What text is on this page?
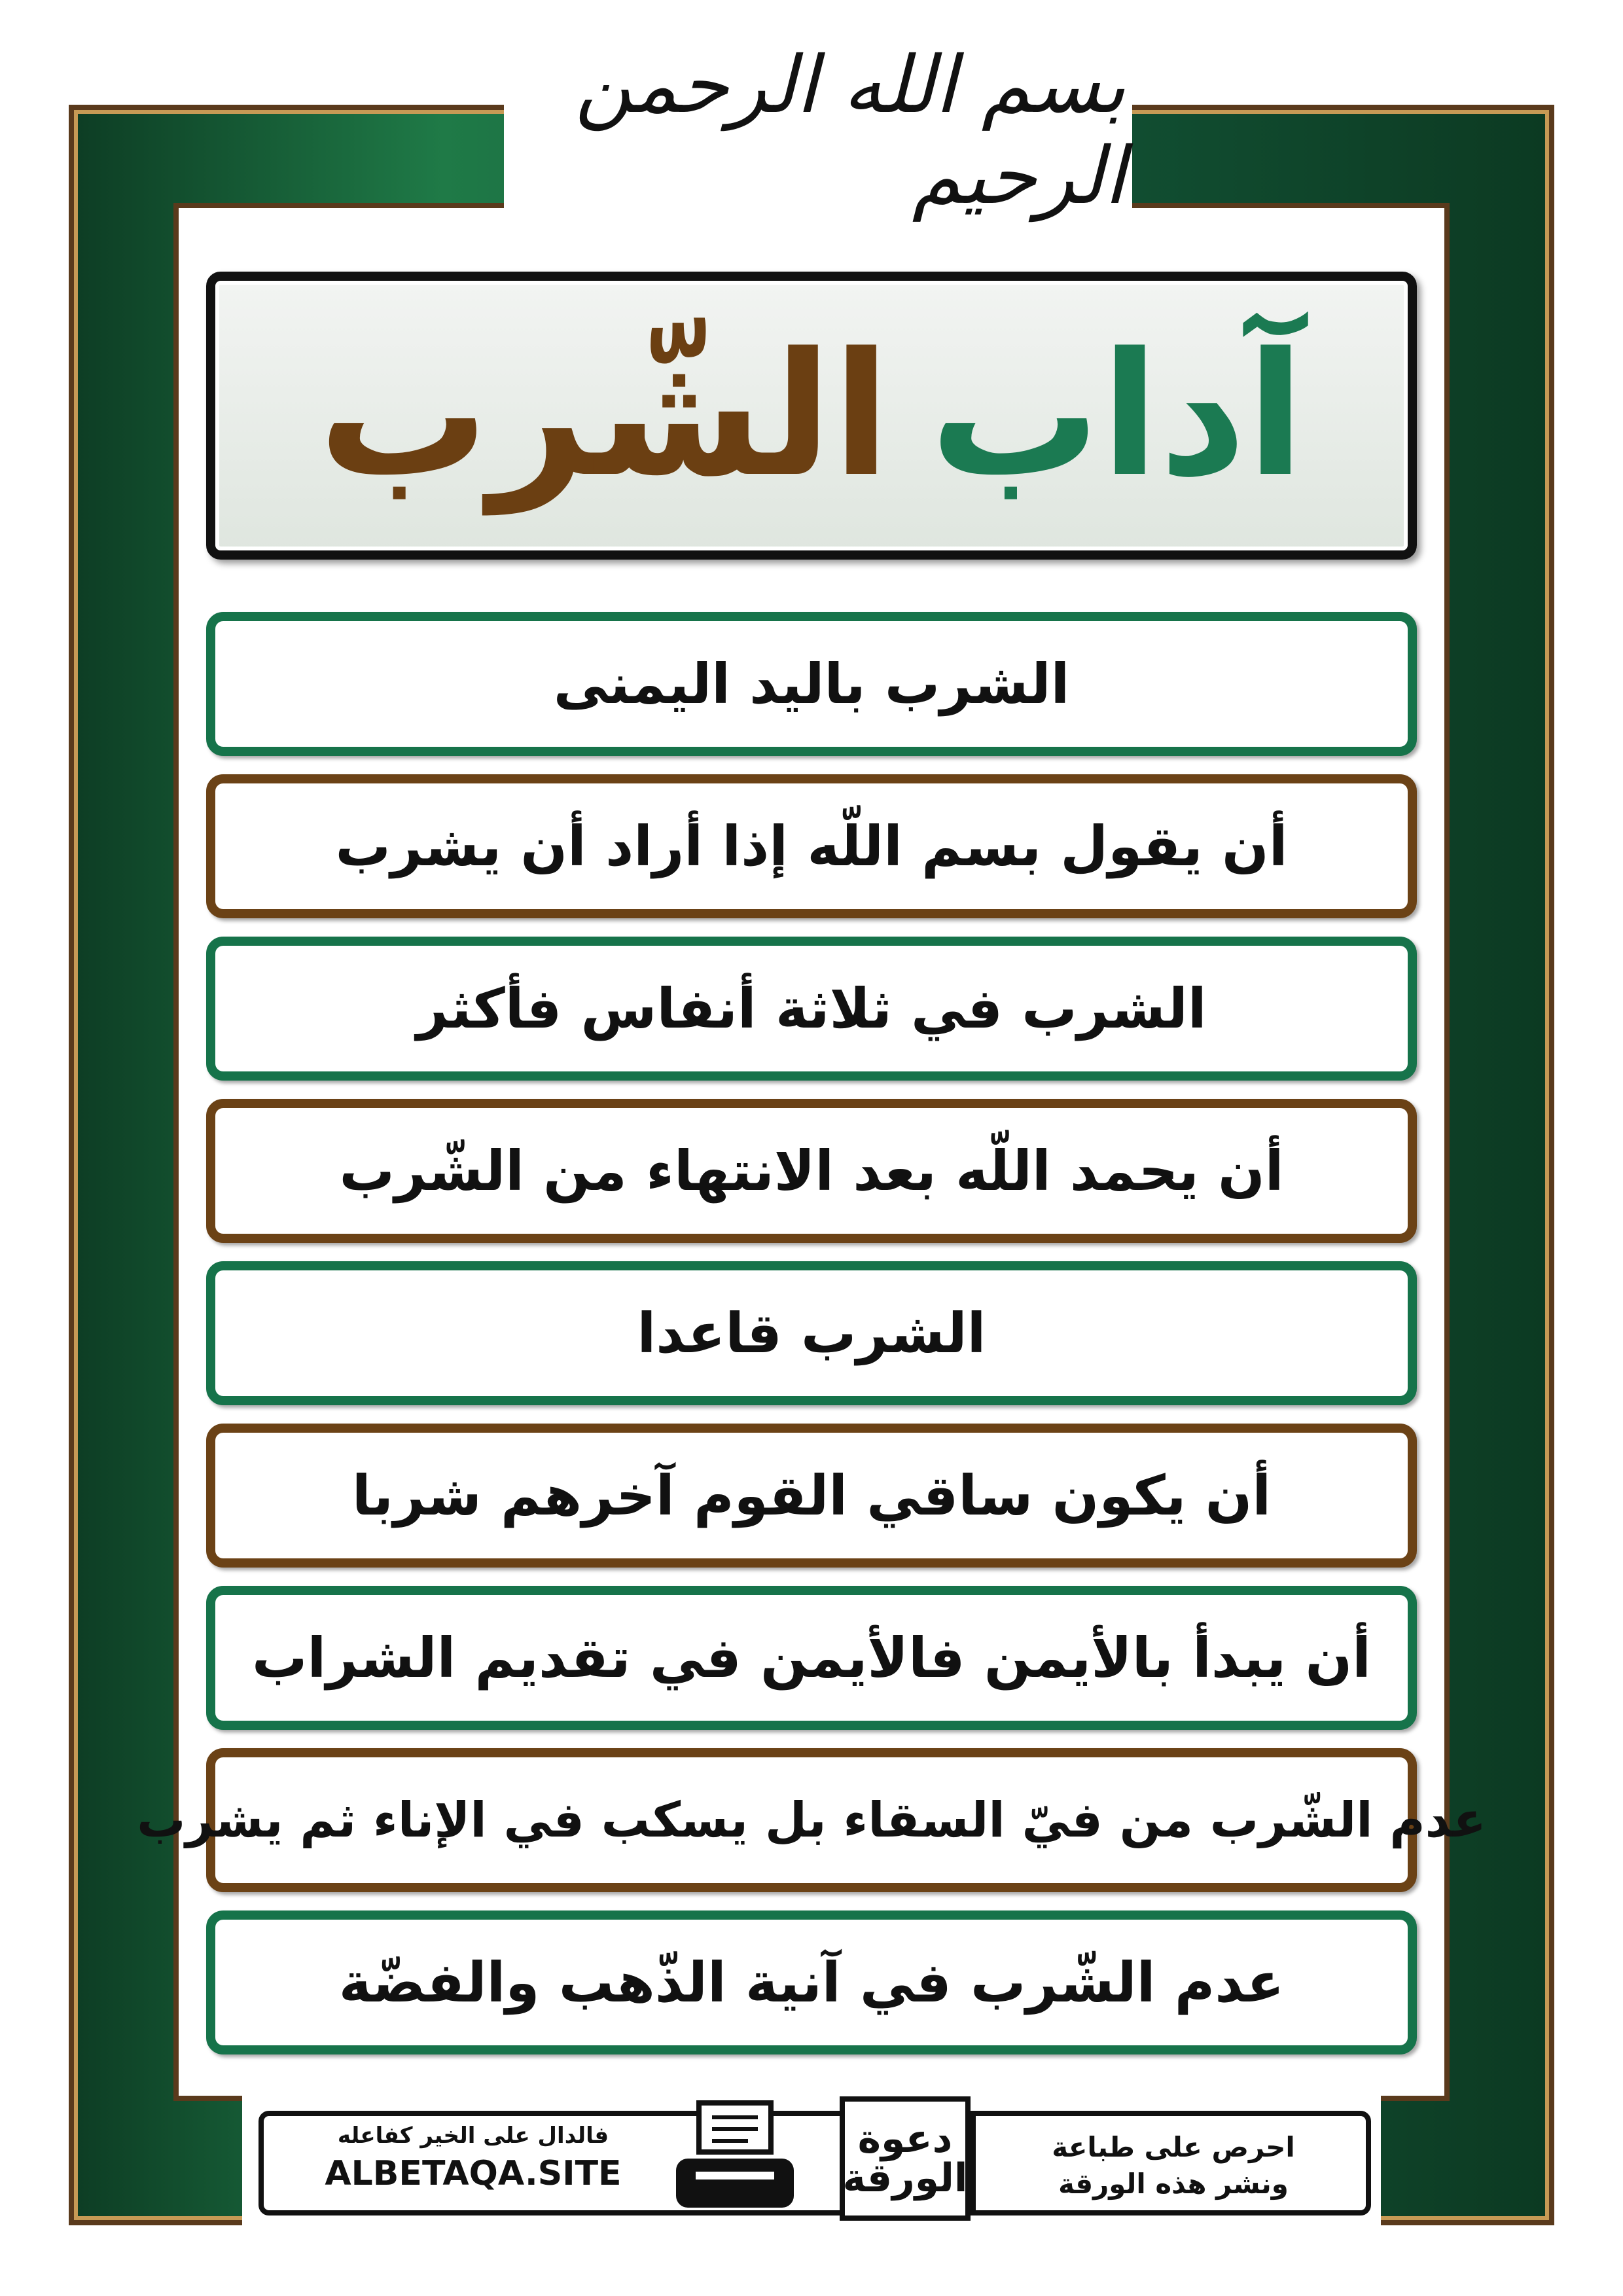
بسم الله الرحمن الرحيم
آداب
الشّرب
الشرب باليد اليمنى
أن يقول بسم اللّه إذا أراد أن يشرب
الشرب في ثلاثة أنفاس فأكثر
أن يحمد اللّه بعد الانتهاء من الشّرب
الشرب قاعدا
أن يكون ساقي القوم آخرهم شربا
أن يبدأ بالأيمن فالأيمن في تقديم الشراب
عدم الشّرب من فيّ السقاء بل يسكب في الإناء ثم يشرب
عدم الشّرب في آنية الذّهب والفضّة
فالدال على الخير كفاعله
ALBETAQA.SITE
دعوة
الورقة
احرص على طباعة
ونشر هذه الورقة
